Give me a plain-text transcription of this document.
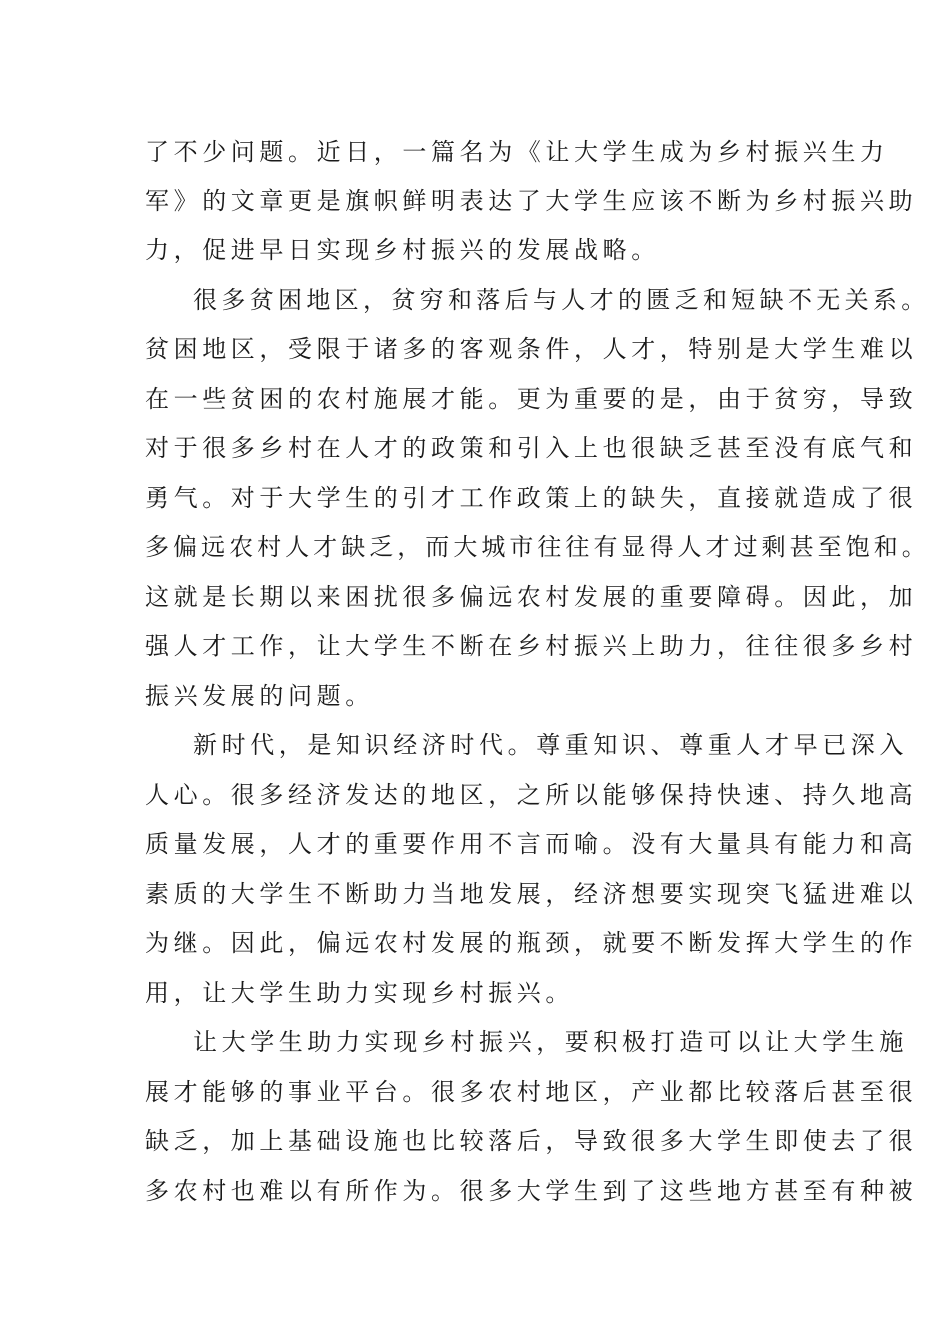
了不少问题。近日，一篇名为《让大学生成为乡村振兴生力
军》的文章更是旗帜鲜明表达了大学生应该不断为乡村振兴助
力，促进早日实现乡村振兴的发展战略。
很多贫困地区，贫穷和落后与人才的匮乏和短缺不无关系。
贫困地区，受限于诸多的客观条件，人才，特别是大学生难以
在一些贫困的农村施展才能。更为重要的是，由于贫穷，导致
对于很多乡村在人才的政策和引入上也很缺乏甚至没有底气和
勇气。对于大学生的引才工作政策上的缺失，直接就造成了很
多偏远农村人才缺乏，而大城市往往有显得人才过剩甚至饱和。
这就是长期以来困扰很多偏远农村发展的重要障碍。因此，加
强人才工作，让大学生不断在乡村振兴上助力，往往很多乡村
振兴发展的问题。
新时代，是知识经济时代。尊重知识、尊重人才早已深入
人心。很多经济发达的地区，之所以能够保持快速、持久地高
质量发展，人才的重要作用不言而喻。没有大量具有能力和高
素质的大学生不断助力当地发展，经济想要实现突飞猛进难以
为继。因此，偏远农村发展的瓶颈，就要不断发挥大学生的作
用，让大学生助力实现乡村振兴。
让大学生助力实现乡村振兴，要积极打造可以让大学生施
展才能够的事业平台。很多农村地区，产业都比较落后甚至很
缺乏，加上基础设施也比较落后，导致很多大学生即使去了很
多农村也难以有所作为。很多大学生到了这些地方甚至有种被
